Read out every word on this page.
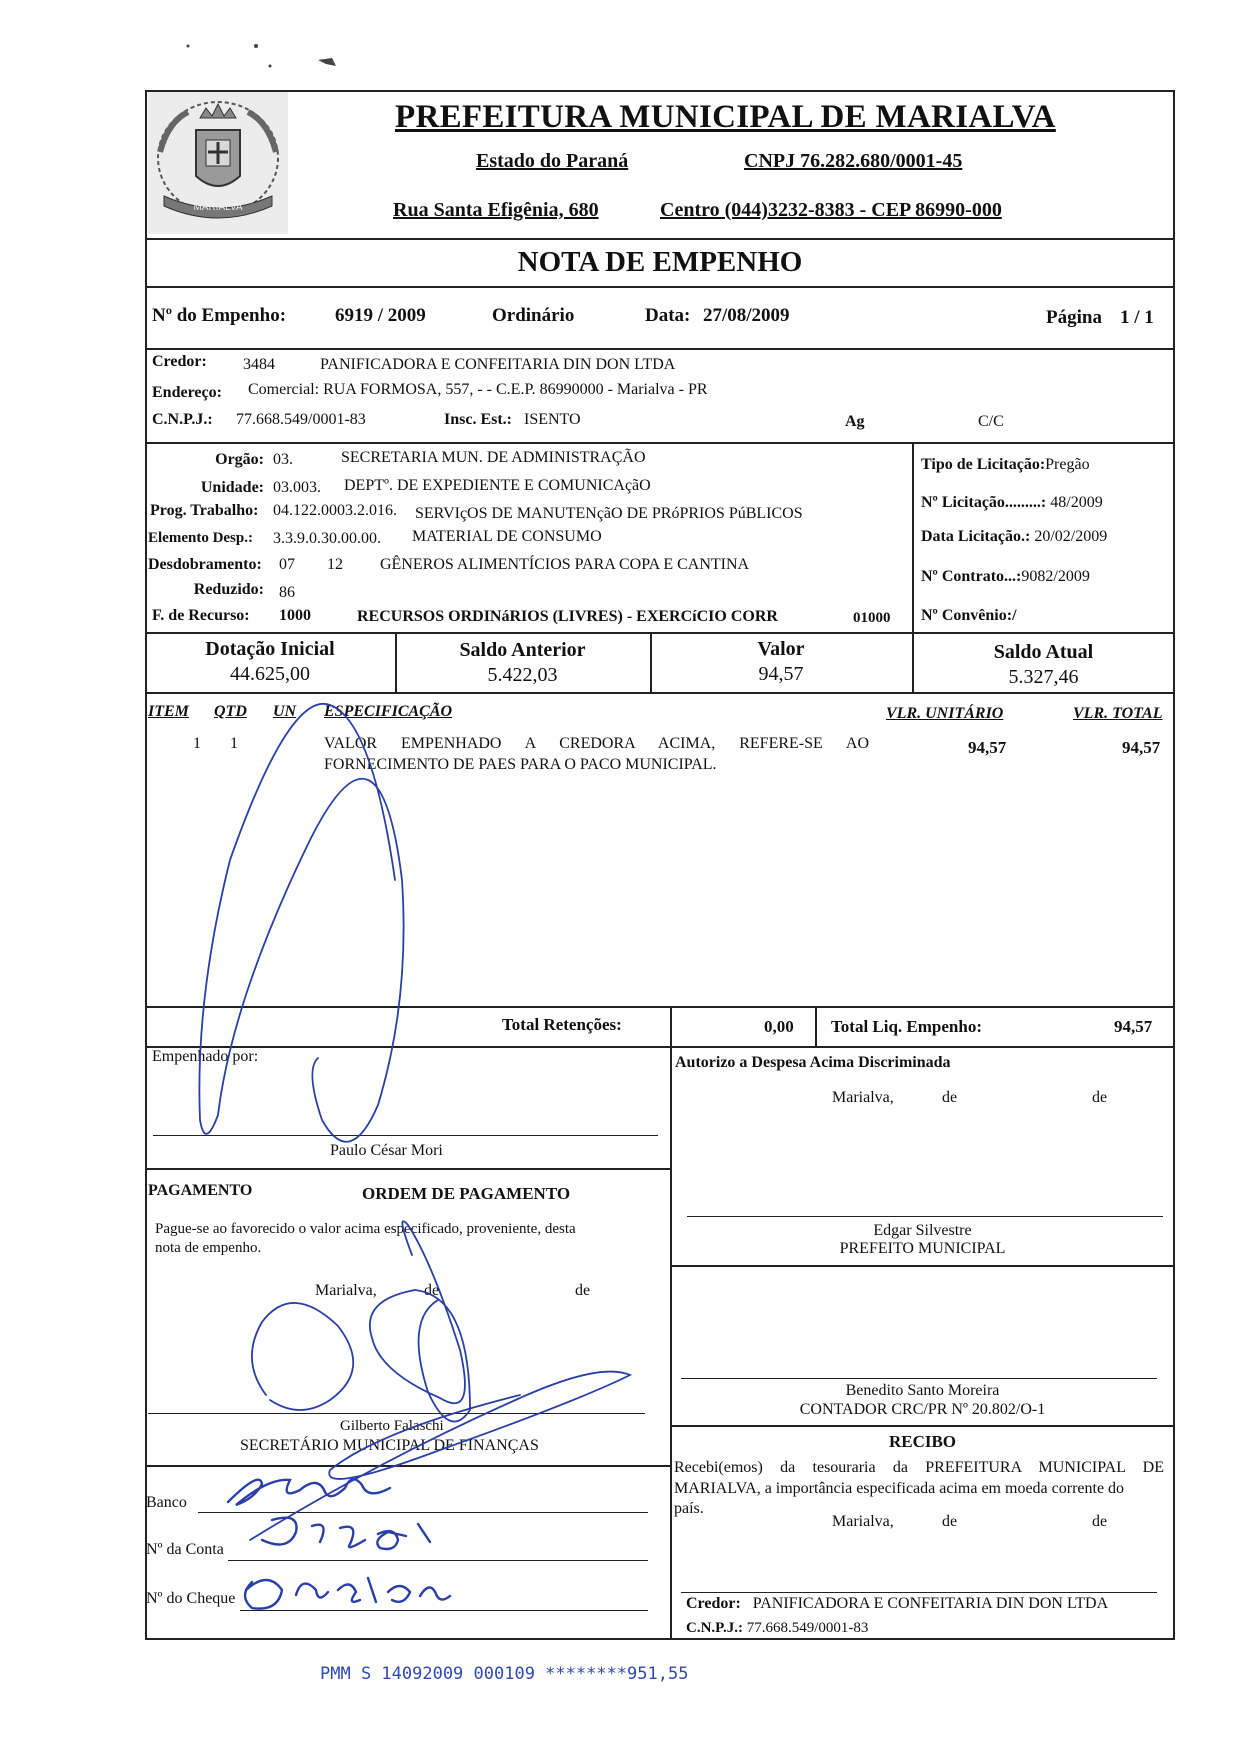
MARIALVA
PREFEITURA MUNICIPAL DE MARIALVA
Estado do Paraná	CNPJ 76.282.680/0001-45
Rua Santa Efigênia, 680	Centro (044)3232-8383 - CEP 86990-000
NOTA DE EMPENHO
Nº do Empenho:	6919 / 2009	Ordinário	Data: 27/08/2009	Página 1 / 1
Credor: 3484	PANIFICADORA E CONFEITARIA DIN DON LTDA
Endereço: Comercial: RUA FORMOSA, 557, - - C.E.P. 86990000 - Marialva - PR
C.N.P.J.: 77.668.549/0001-83	Insc. Est.: ISENTO	Ag	C/C
Orgão: 03.	SECRETARIA MUN. DE ADMINISTRAÇÃO
Unidade: 03.003. DEPTº. DE EXPEDIENTE E COMUNICAçãO
Prog. Trabalho: 04.122.0003.2.016. SERVIçOS DE MANUTENçãO DE PRóPRIOS PúBLICOS
Elemento Desp.: 3.3.9.0.30.00.00. MATERIAL DE CONSUMO
Desdobramento: 07 12 GÊNEROS ALIMENTÍCIOS PARA COPA E CANTINA
Reduzido: 86
F. de Recurso: 1000	RECURSOS ORDINáRIOS (LIVRES) - EXERCíCIO CORR	01000
Tipo de Licitação:Pregão
Nº Licitação.........: 48/2009
Data Licitação.: 20/02/2009
Nº Contrato...:9082/2009
Nº Convênio:/
Dotação Inicial
44.625,00
Saldo Anterior
5.422,03
Valor
94,57
Saldo Atual
5.327,46
ITEM QTD UN ESPECIFICAÇÃO	VLR. UNITÁRIO	VLR. TOTAL
1 1	VALOR EMPENHADO A CREDORA ACIMA, REFERE-SE AO
FORNECIMENTO DE PAES PARA O PACO MUNICIPAL.
94,57	94,57
Total Retenções:	0,00 Total Liq. Empenho:	94,57
Empenhado por:
Paulo César Mori
Autorizo a Despesa Acima Discriminada
Marialva,	de	de
Edgar Silvestre
PREFEITO MUNICIPAL
PAGAMENTO	ORDEM DE PAGAMENTO
Pague-se ao favorecido o valor acima especificado, proveniente, desta
nota de empenho.
Marialva,	de	de
Gilberto Falaschi
SECRETÁRIO MUNICIPAL DE FINANÇAS
Benedito Santo Moreira
CONTADOR CRC/PR Nº 20.802/O-1
RECIBO
Recebi(emos) da tesouraria da PREFEITURA MUNICIPAL DE
MARIALVA, a importância especificada acima em moeda corrente do
país.
Marialva,	de	de
Credor: PANIFICADORA E CONFEITARIA DIN DON LTDA
C.N.P.J.: 77.668.549/0001-83
Banco
Nº da Conta
Nº do Cheque
PMM S 14092009 000109 ********951,55
